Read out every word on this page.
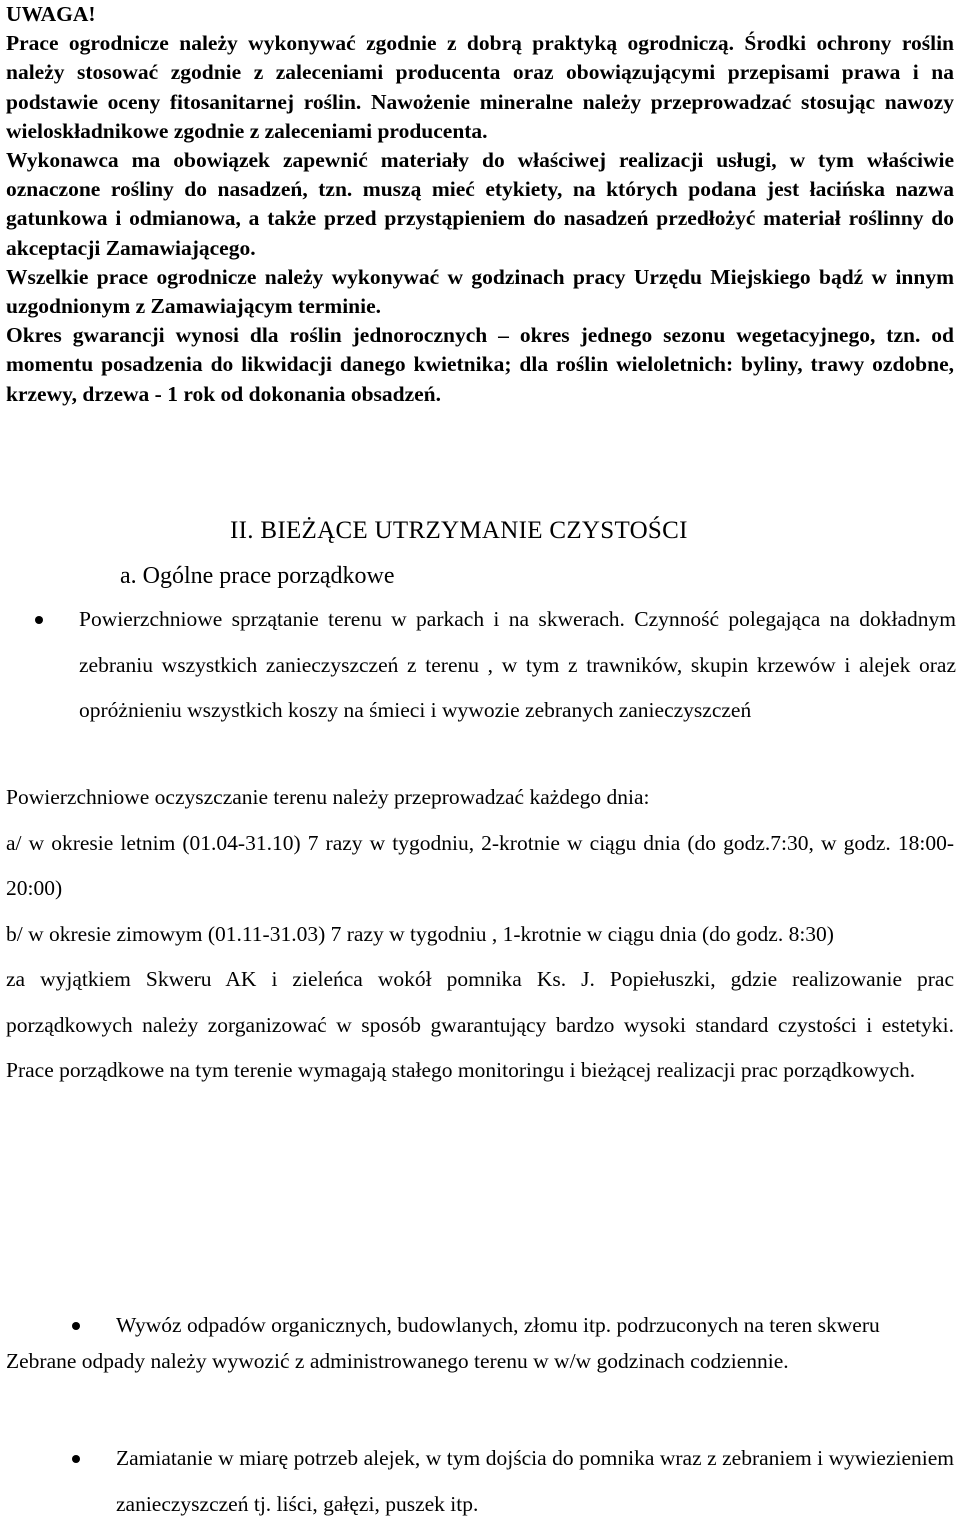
UWAGA!

Prace ogrodnicze należy wykonywać zgodnie z dobrą praktyką ogrodniczą. Środki ochrony roślin należy stosować zgodnie z zaleceniami producenta oraz obowiązującymi przepisami prawa i na podstawie oceny fitosanitarnej roślin. Nawożenie mineralne należy przeprowadzać stosując nawozy wieloskładnikowe zgodnie z zaleceniami producenta.

Wykonawca ma obowiązek zapewnić materiały do właściwej realizacji usługi, w tym właściwie oznaczone rośliny do nasadzeń, tzn. muszą mieć etykiety, na których podana jest łacińska nazwa gatunkowa i odmianowa, a także przed przystąpieniem do nasadzeń przedłożyć materiał roślinny do akceptacji Zamawiającego.

Wszelkie prace ogrodnicze należy wykonywać w godzinach pracy Urzędu Miejskiego bądź w innym uzgodnionym z Zamawiającym terminie.

Okres gwarancji wynosi dla roślin jednorocznych – okres jednego sezonu wegetacyjnego, tzn. od momentu posadzenia do likwidacji danego kwietnika; dla roślin wieloletnich: byliny, trawy ozdobne, krzewy, drzewa - 1 rok od dokonania obsadzeń.

II. BIEŻĄCE UTRZYMANIE CZYSTOŚCI
a. Ogólne prace porządkowe
Powierzchniowe sprzątanie terenu w parkach i na skwerach. Czynność polegająca na dokładnym zebraniu wszystkich zanieczyszczeń z terenu , w tym z trawników, skupin krzewów i alejek oraz opróżnieniu wszystkich koszy na śmieci i wywozie zebranych zanieczyszczeń

Powierzchniowe oczyszczanie terenu należy przeprowadzać każdego dnia:

a/ w okresie letnim (01.04-31.10) 7 razy w tygodniu, 2-krotnie w ciągu dnia (do godz.7:30, w godz. 18:00-20:00)

b/ w okresie zimowym (01.11-31.03) 7 razy w tygodniu , 1-krotnie w ciągu dnia (do godz. 8:30)

za wyjątkiem Skweru AK i zieleńca wokół pomnika Ks. J. Popiełuszki, gdzie realizowanie prac porządkowych należy zorganizować w sposób gwarantujący bardzo wysoki standard czystości i estetyki. Prace porządkowe na tym terenie wymagają stałego monitoringu i bieżącej realizacji prac porządkowych.

Wywóz odpadów organicznych, budowlanych, złomu itp. podrzuconych na teren skweru
Zamiatanie w miarę potrzeb alejek, w tym dojścia do pomnika wraz z zebraniem i wywiezieniem zanieczyszczeń tj. liści, gałęzi, puszek itp.
Zebrane odpady należy wywozić z administrowanego terenu w w/w godzinach codziennie.
